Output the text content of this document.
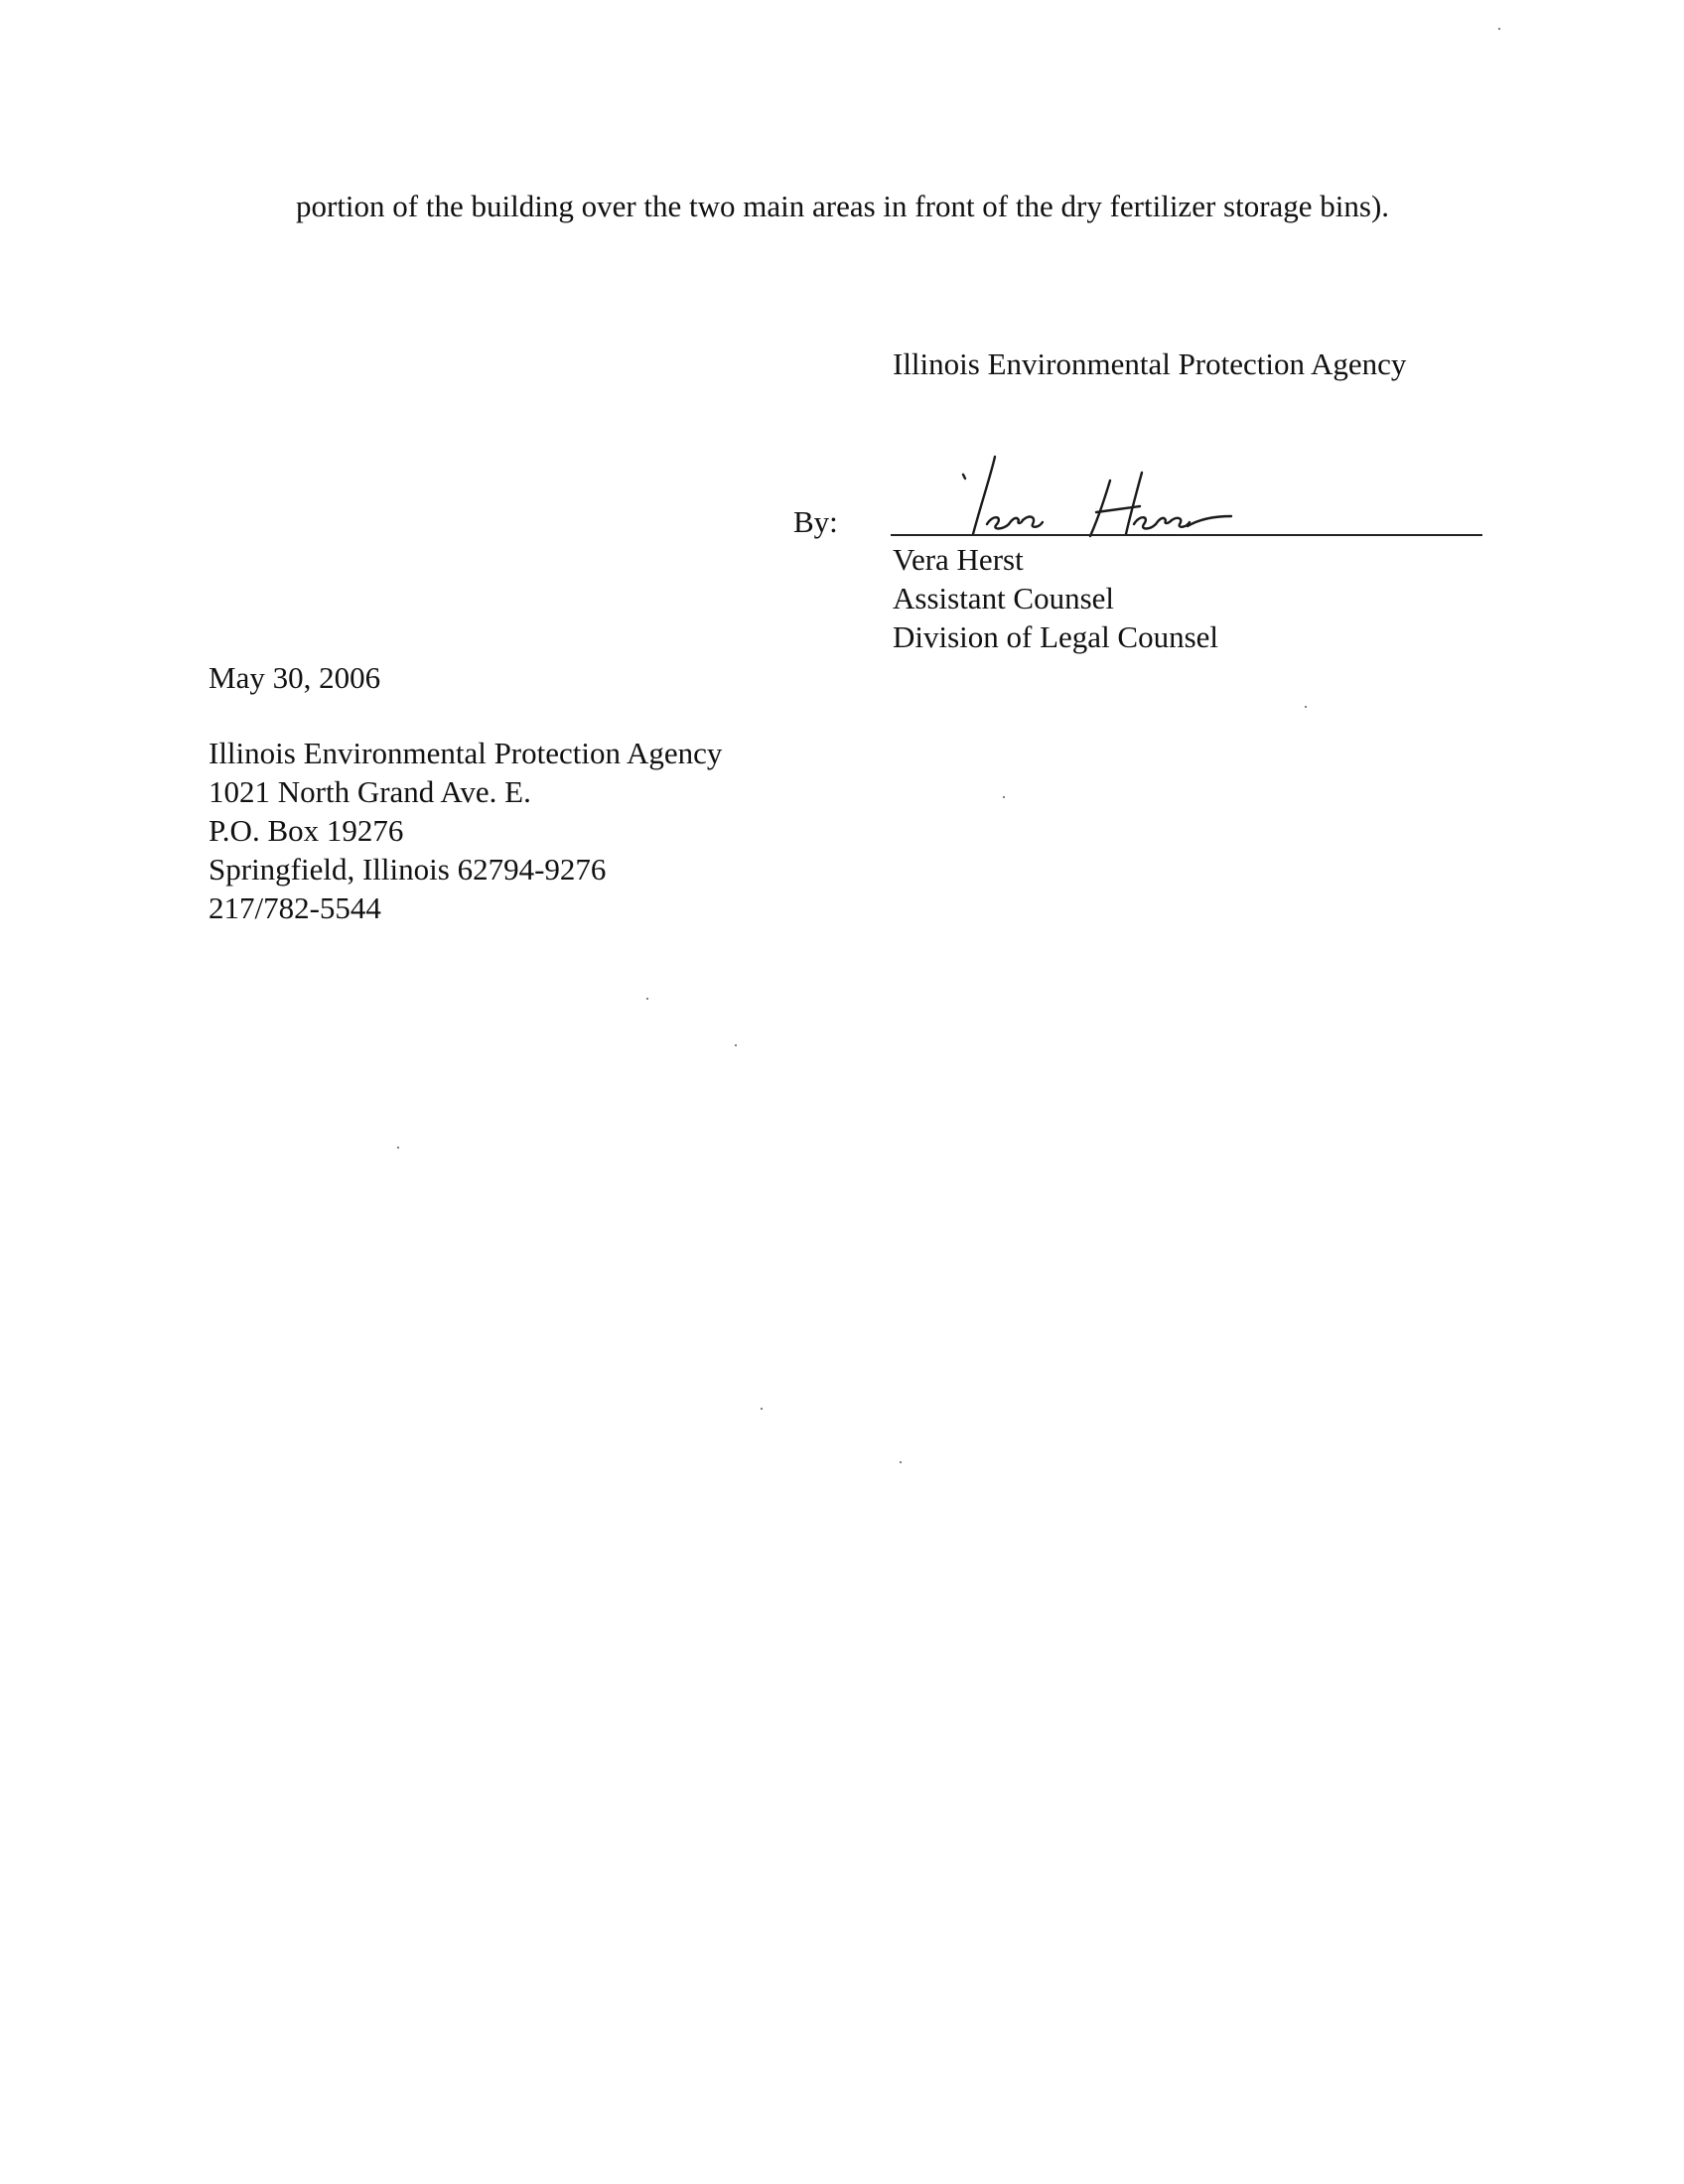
portion of the building over the two main areas in front of the dry fertilizer storage bins).
Illinois Environmental Protection Agency
By:
Vera Herst
Assistant Counsel
Division of Legal Counsel
May 30, 2006
Illinois Environmental Protection Agency
1021 North Grand Ave. E.
P.O. Box 19276
Springfield, Illinois 62794-9276
217/782-5544
